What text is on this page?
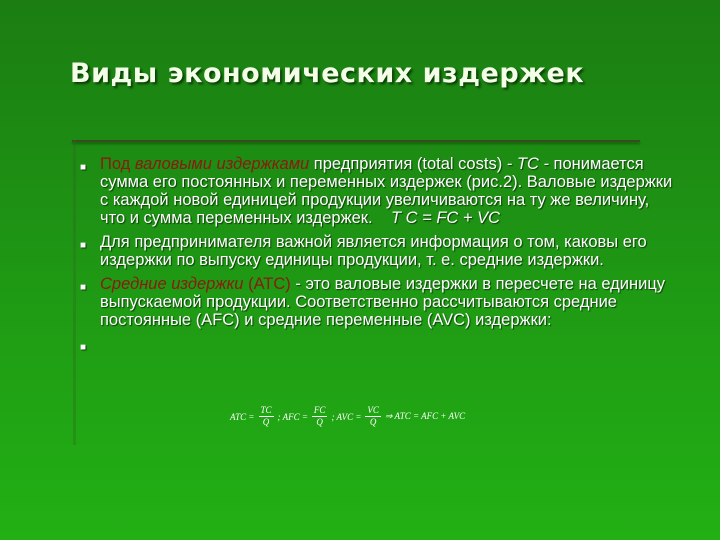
Виды экономических издержек
■ Под валовыми издержками предприятия (total costs) - TC - понимается сумма его постоянных и переменных издержек (рис.2). Валовые издержки с каждой новой единицей продукции увеличиваются на ту же величину, что и сумма переменных издержек. T C = FC + VC
■ Для предпринимателя важной является информация о том, каковы его издержки по выпуску единицы продукции, т. е. средние издержки.
■ Средние издержки (АТС) - это валовые издержки в пересчете на единицу выпускаемой продукции. Соответственно рассчитываются средние постоянные (AFC) и средние переменные (AVC) издержки:
■

ATC = $\frac{TC}{Q}$ ; AFC = $\frac{FC}{Q}$ ; AVC = $\frac{VC}{Q}$ ⇒ ATC = AFC + AVC
